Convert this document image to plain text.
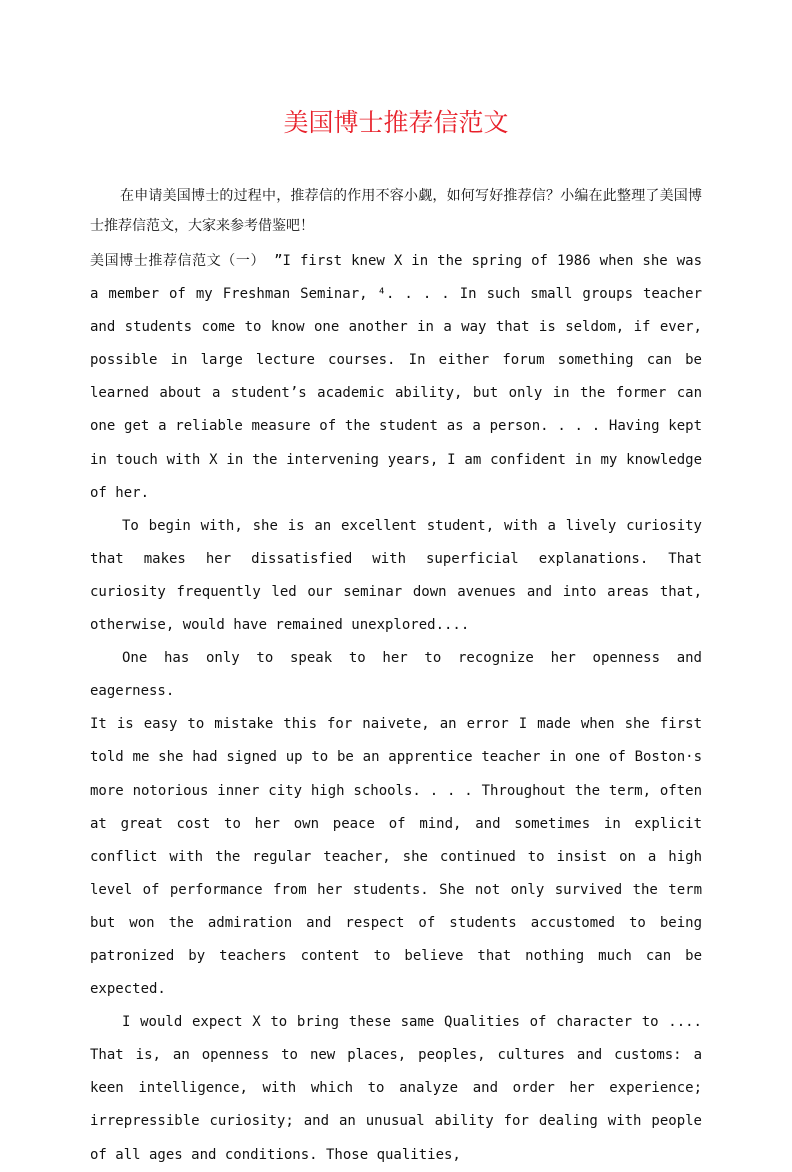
美国博士推荐信范文

在申请美国博士的过程中，推荐信的作用不容小觑，如何写好推荐信？小编在此整理了美国博士推荐信范文，大家来参考借鉴吧！

美国博士推荐信范文（一） ”I first knew X in the spring of 1986 when she was a member of my Freshman Seminar, ⁴. . . . In such small groups teacher and students come to know one another in a way that is seldom, if ever, possible in large lecture courses. In either forum something can be learned about a student’s academic ability, but only in the former can one get a reliable measure of the student as a person. . . . Having kept in touch with X in the intervening years, I am confident in my knowledge of her.

To begin with, she is an excellent student, with a lively curiosity that makes her dissatisfied with superficial explanations. That curiosity frequently led our seminar down avenues and into areas that, otherwise, would have remained unexplored....

One has only to speak to her to recognize her openness and eagerness.

It is easy to mistake this for naivete, an error I made when she first told me she had signed up to be an apprentice teacher in one of Boston·s more notorious inner city high schools. . . . Throughout the term, often at great cost to her own peace of mind, and sometimes in explicit conflict with the regular teacher, she continued to insist on a high level of performance from her students. She not only survived the term but won the admiration and respect of students accustomed to being patronized by teachers content to believe that nothing much can be expected.

I would expect X to bring these same Qualities of character to .... That is, an openness to new places, peoples, cultures and customs: a keen intelligence, with which to analyze and order her experience; irrepressible curiosity; and an unusual ability for dealing with people of all ages and conditions. Those qualities,
